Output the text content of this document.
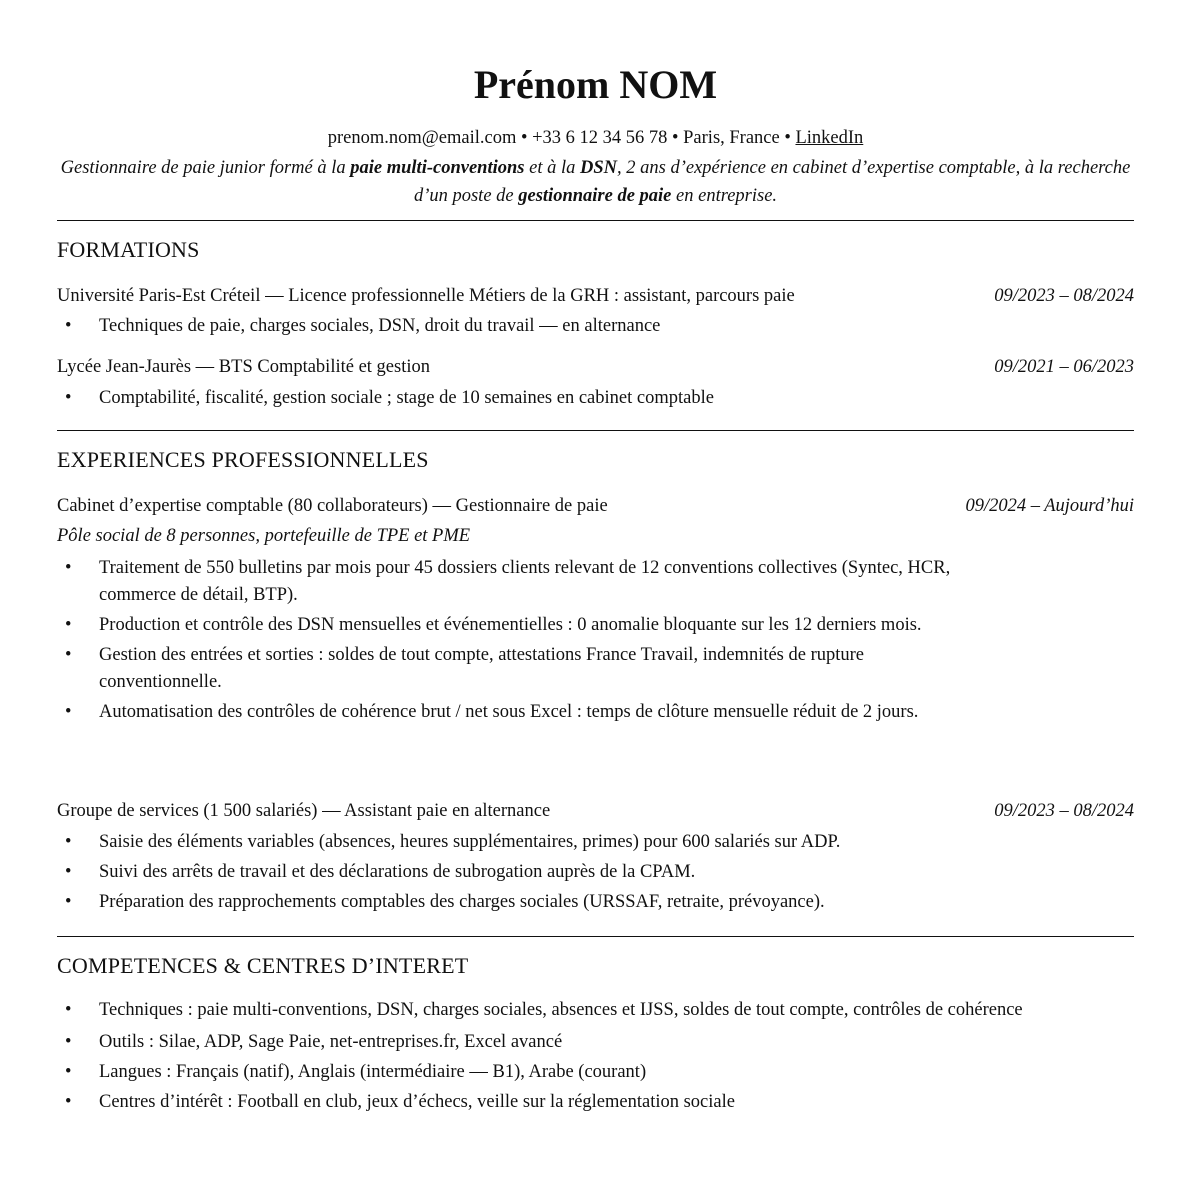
Prénom NOM
prenom.nom@email.com • +33 6 12 34 56 78 • Paris, France • LinkedIn
Gestionnaire de paie junior formé à la paie multi-conventions et à la DSN, 2 ans d’expérience en cabinet d’expertise comptable, à la recherche d’un poste de gestionnaire de paie en entreprise.
FORMATIONS
Université Paris-Est Créteil — Licence professionnelle Métiers de la GRH : assistant, parcours paie	09/2023 – 08/2024
• Techniques de paie, charges sociales, DSN, droit du travail — en alternance
Lycée Jean-Jaurès — BTS Comptabilité et gestion	09/2021 – 06/2023
• Comptabilité, fiscalité, gestion sociale ; stage de 10 semaines en cabinet comptable
EXPERIENCES PROFESSIONNELLES
Cabinet d’expertise comptable (80 collaborateurs) — Gestionnaire de paie	09/2024 – Aujourd’hui
Pôle social de 8 personnes, portefeuille de TPE et PME
• Traitement de 550 bulletins par mois pour 45 dossiers clients relevant de 12 conventions collectives (Syntec, HCR, commerce de détail, BTP).
• Production et contrôle des DSN mensuelles et événementielles : 0 anomalie bloquante sur les 12 derniers mois.
• Gestion des entrées et sorties : soldes de tout compte, attestations France Travail, indemnités de rupture conventionnelle.
• Automatisation des contrôles de cohérence brut / net sous Excel : temps de clôture mensuelle réduit de 2 jours.
Groupe de services (1 500 salariés) — Assistant paie en alternance	09/2023 – 08/2024
• Saisie des éléments variables (absences, heures supplémentaires, primes) pour 600 salariés sur ADP.
• Suivi des arrêts de travail et des déclarations de subrogation auprès de la CPAM.
• Préparation des rapprochements comptables des charges sociales (URSSAF, retraite, prévoyance).
COMPETENCES & CENTRES D’INTERET
• Techniques : paie multi-conventions, DSN, charges sociales, absences et IJSS, soldes de tout compte, contrôles de cohérence
• Outils : Silae, ADP, Sage Paie, net-entreprises.fr, Excel avancé
• Langues : Français (natif), Anglais (intermédiaire — B1), Arabe (courant)
• Centres d’intérêt : Football en club, jeux d’échecs, veille sur la réglementation sociale
